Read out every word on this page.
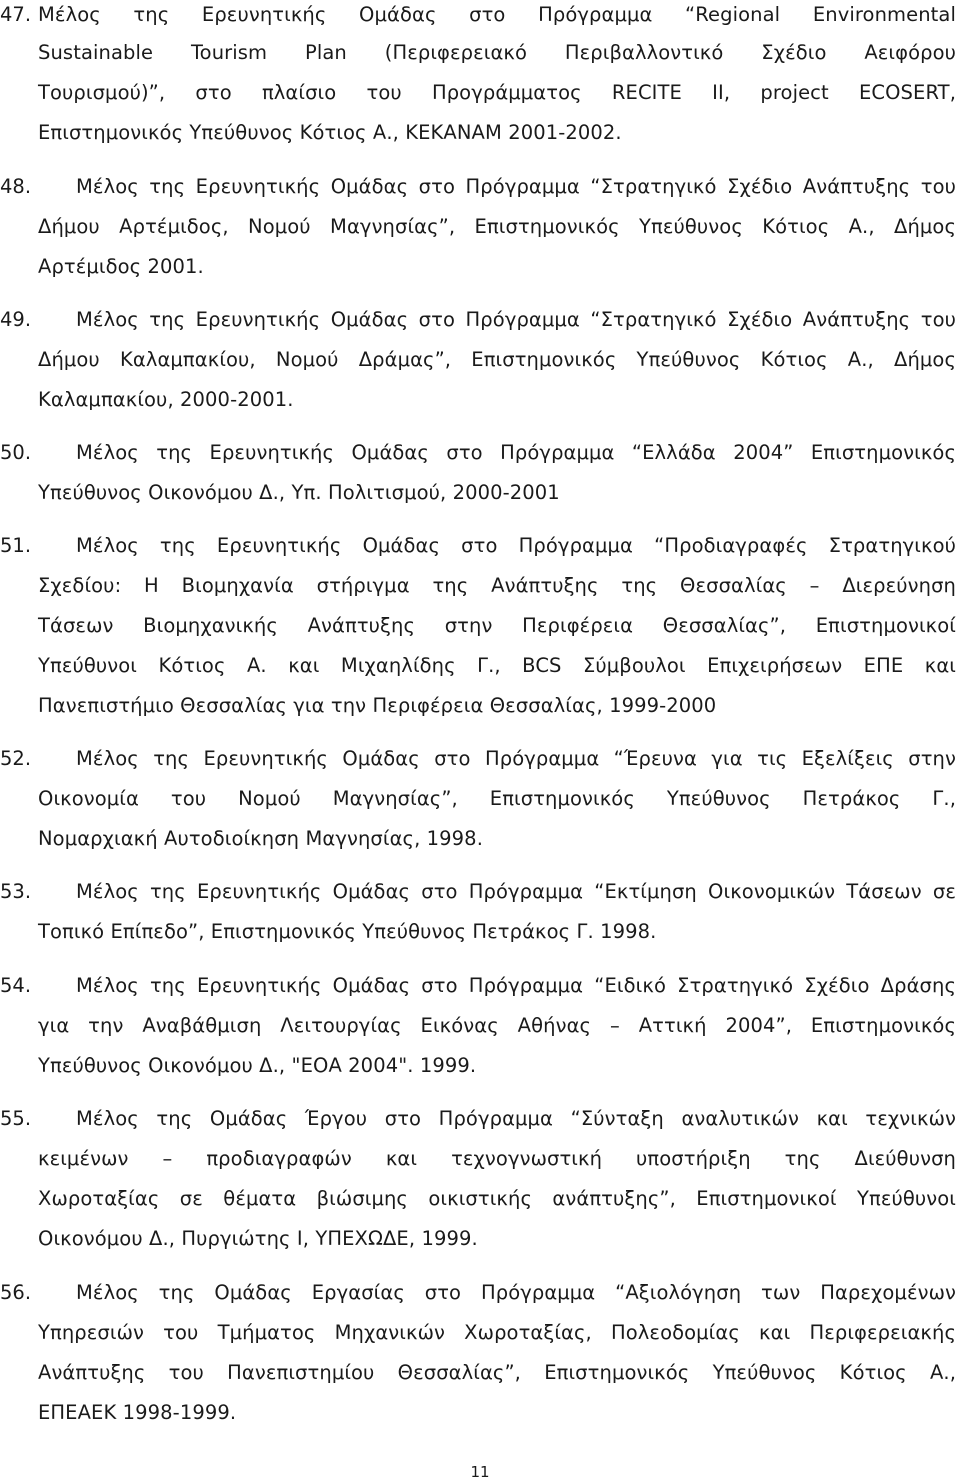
47. Μέλος της Ερευνητικής Ομάδας στο Πρόγραμμα “Regional Environmental
Sustainable Tourism Plan (Περιφερειακό Περιβαλλοντικό Σχέδιο Αειφόρου
Τουρισμού)”, στο πλαίσιο του Προγράμματος RECITE II, project ECOSERT,
Επιστημονικός Υπεύθυνος Κότιος Α., ΚΕΚΑΝΑΜ 2001-2002.
48. Μέλος της Ερευνητικής Ομάδας στο Πρόγραμμα “Στρατηγικό Σχέδιο Ανάπτυξης του
Δήμου Αρτέμιδος, Νομού Μαγνησίας”, Επιστημονικός Υπεύθυνος Κότιος Α., Δήμος
Αρτέμιδος 2001.
49. Μέλος της Ερευνητικής Ομάδας στο Πρόγραμμα “Στρατηγικό Σχέδιο Ανάπτυξης του
Δήμου Καλαμπακίου, Νομού Δράμας”, Επιστημονικός Υπεύθυνος Κότιος Α., Δήμος
Καλαμπακίου, 2000-2001.
50. Μέλος της Ερευνητικής Ομάδας στο Πρόγραμμα “Ελλάδα 2004” Επιστημονικός
Υπεύθυνος Οικονόμου Δ., Υπ. Πολιτισμού, 2000-2001
51. Μέλος της Ερευνητικής Ομάδας στο Πρόγραμμα “Προδιαγραφές Στρατηγικού
Σχεδίου: Η Βιομηχανία στήριγμα της Ανάπτυξης της Θεσσαλίας – Διερεύνηση
Τάσεων Βιομηχανικής Ανάπτυξης στην Περιφέρεια Θεσσαλίας”, Επιστημονικοί
Υπεύθυνοι Κότιος Α. και Μιχαηλίδης Γ., BCS Σύμβουλοι Επιχειρήσεων ΕΠΕ και
Πανεπιστήμιο Θεσσαλίας για την Περιφέρεια Θεσσαλίας, 1999-2000
52. Μέλος της Ερευνητικής Ομάδας στο Πρόγραμμα “Έρευνα για τις Εξελίξεις στην
Οικονομία του Νομού Μαγνησίας”, Επιστημονικός Υπεύθυνος Πετράκος Γ.,
Νομαρχιακή Αυτοδιοίκηση Μαγνησίας, 1998.
53. Μέλος της Ερευνητικής Ομάδας στο Πρόγραμμα “Εκτίμηση Οικονομικών Τάσεων σε
Τοπικό Επίπεδο”, Επιστημονικός Υπεύθυνος Πετράκος Γ. 1998.
54. Μέλος της Ερευνητικής Ομάδας στο Πρόγραμμα “Ειδικό Στρατηγικό Σχέδιο Δράσης
για την Αναβάθμιση Λειτουργίας Εικόνας Αθήνας – Αττική 2004”, Επιστημονικός
Υπεύθυνος Οικονόμου Δ., "ΕΟΑ 2004". 1999.
55. Μέλος της Ομάδας Έργου στο Πρόγραμμα “Σύνταξη αναλυτικών και τεχνικών
κειμένων – προδιαγραφών και τεχνογνωστική υποστήριξη της Διεύθυνση
Χωροταξίας σε θέματα βιώσιμης οικιστικής ανάπτυξης”, Επιστημονικοί Υπεύθυνοι
Οικονόμου Δ., Πυργιώτης Ι, ΥΠΕΧΩΔΕ, 1999.
56. Μέλος της Ομάδας Εργασίας στο Πρόγραμμα “Αξιολόγηση των Παρεχομένων
Υπηρεσιών του Τμήματος Μηχανικών Χωροταξίας, Πολεοδομίας και Περιφερειακής
Ανάπτυξης του Πανεπιστημίου Θεσσαλίας”, Επιστημονικός Υπεύθυνος Κότιος Α.,
ΕΠΕΑΕΚ 1998-1999.
11
